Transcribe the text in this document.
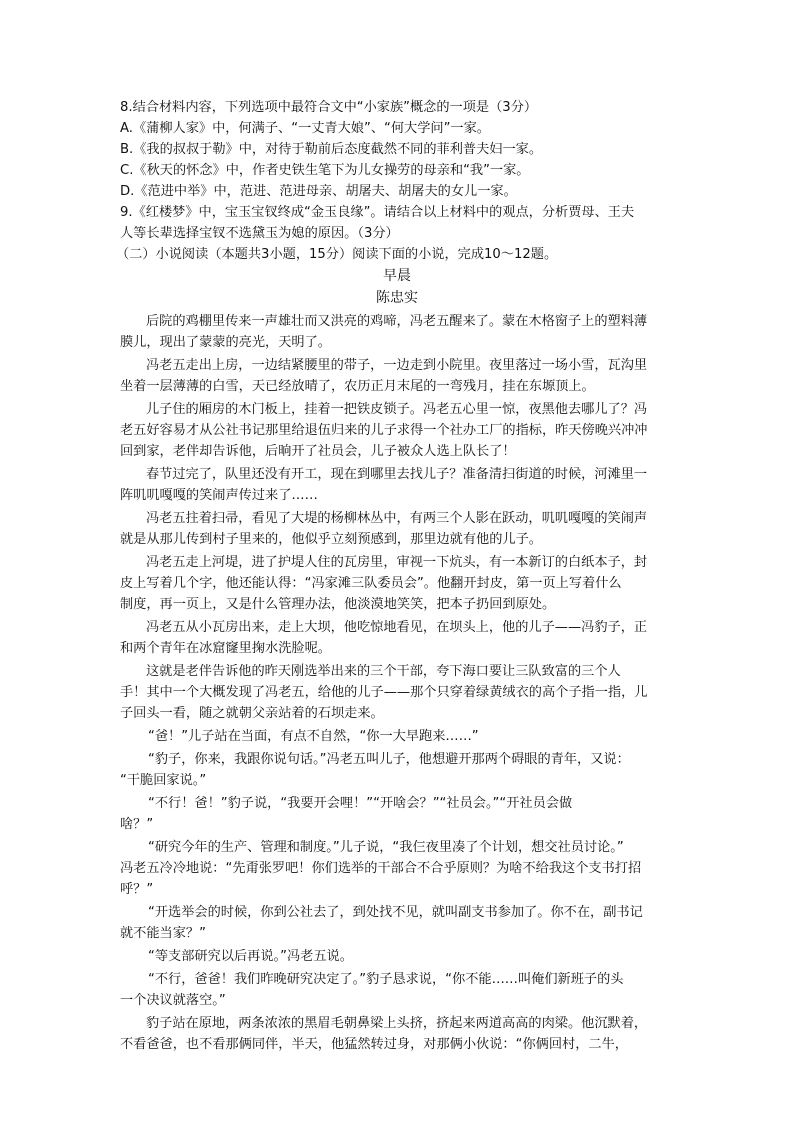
8.结合材料内容，下列选项中最符合文中“小家族”概念的一项是（3分）
A.《蒲柳人家》中，何满子、“一丈青大娘”、“何大学问”一家。
B.《我的叔叔于勒》中，对待于勒前后态度截然不同的菲利普夫妇一家。
C.《秋天的怀念》中，作者史铁生笔下为儿女操劳的母亲和“我”一家。
D.《范进中举》中，范进、范进母亲、胡屠夫、胡屠夫的女儿一家。
9.《红楼梦》中，宝玉宝钗终成“金玉良缘”。请结合以上材料中的观点，分析贾母、王夫
人等长辈选择宝钗不选黛玉为媳的原因。（3分）
（二）小说阅读（本题共3小题，15分）阅读下面的小说，完成10～12题。
早晨
陈忠实
后院的鸡棚里传来一声雄壮而又洪亮的鸡啼，冯老五醒来了。蒙在木格窗子上的塑料薄
膜儿，现出了蒙蒙的亮光，天明了。
冯老五走出上房，一边结紧腰里的带子，一边走到小院里。夜里落过一场小雪，瓦沟里
坐着一层薄薄的白雪，天已经放晴了，农历正月末尾的一弯残月，挂在东塬顶上。
儿子住的厢房的木门板上，挂着一把铁皮锁子。冯老五心里一惊，夜黑他去哪儿了？冯
老五好容易才从公社书记那里给退伍归来的儿子求得一个社办工厂的指标，昨天傍晚兴冲冲
回到家，老伴却告诉他，后晌开了社员会，儿子被众人选上队长了！
春节过完了，队里还没有开工，现在到哪里去找儿子？准备清扫街道的时候，河滩里一
阵叽叽嘎嘎的笑闹声传过来了……
冯老五拄着扫帚，看见了大堤的杨柳林丛中，有两三个人影在跃动，叽叽嘎嘎的笑闹声
就是从那儿传到村子里来的，他似乎立刻预感到，那里边就有他的儿子。
冯老五走上河堤，进了护堤人住的瓦房里，审视一下炕头，有一本新订的白纸本子，封
皮上写着几个字，他还能认得：“冯家滩三队委员会”。他翻开封皮，第一页上写着什么
制度，再一页上，又是什么管理办法，他淡漠地笑笑，把本子扔回到原处。
冯老五从小瓦房出来，走上大坝，他吃惊地看见，在坝头上，他的儿子——冯豹子，正
和两个青年在冰窟窿里掬水洗脸呢。
这就是老伴告诉他的昨天刚选举出来的三个干部，夸下海口要让三队致富的三个人
手！其中一个大概发现了冯老五，给他的儿子——那个只穿着绿黄绒衣的高个子指一指，儿
子回头一看，随之就朝父亲站着的石坝走来。
“爸！”儿子站在当面，有点不自然，“你一大早跑来……”
“豹子，你来，我跟你说句话。”冯老五叫儿子，他想避开那两个碍眼的青年，又说：
“干脆回家说。”
“不行！爸！”豹子说，“我要开会哩！”“开啥会？”“社员会。”“开社员会做
啥？”
“研究今年的生产、管理和制度。”儿子说，“我仨夜里凑了个计划，想交社员讨论。”
冯老五冷冷地说：“先甭张罗吧！你们选举的干部合不合乎原则？为啥不给我这个支书打招
呼？”
“开选举会的时候，你到公社去了，到处找不见，就叫副支书参加了。你不在，副书记
就不能当家？”
“等支部研究以后再说。”冯老五说。
“不行，爸爸！我们昨晚研究决定了。”豹子恳求说，“你不能……叫俺们新班子的头
一个决议就落空。”
豹子站在原地，两条浓浓的黑眉毛朝鼻梁上头挤，挤起来两道高高的肉梁。他沉默着，
不看爸爸，也不看那俩同伴，半天，他猛然转过身，对那俩小伙说：“你俩回村，二牛，
